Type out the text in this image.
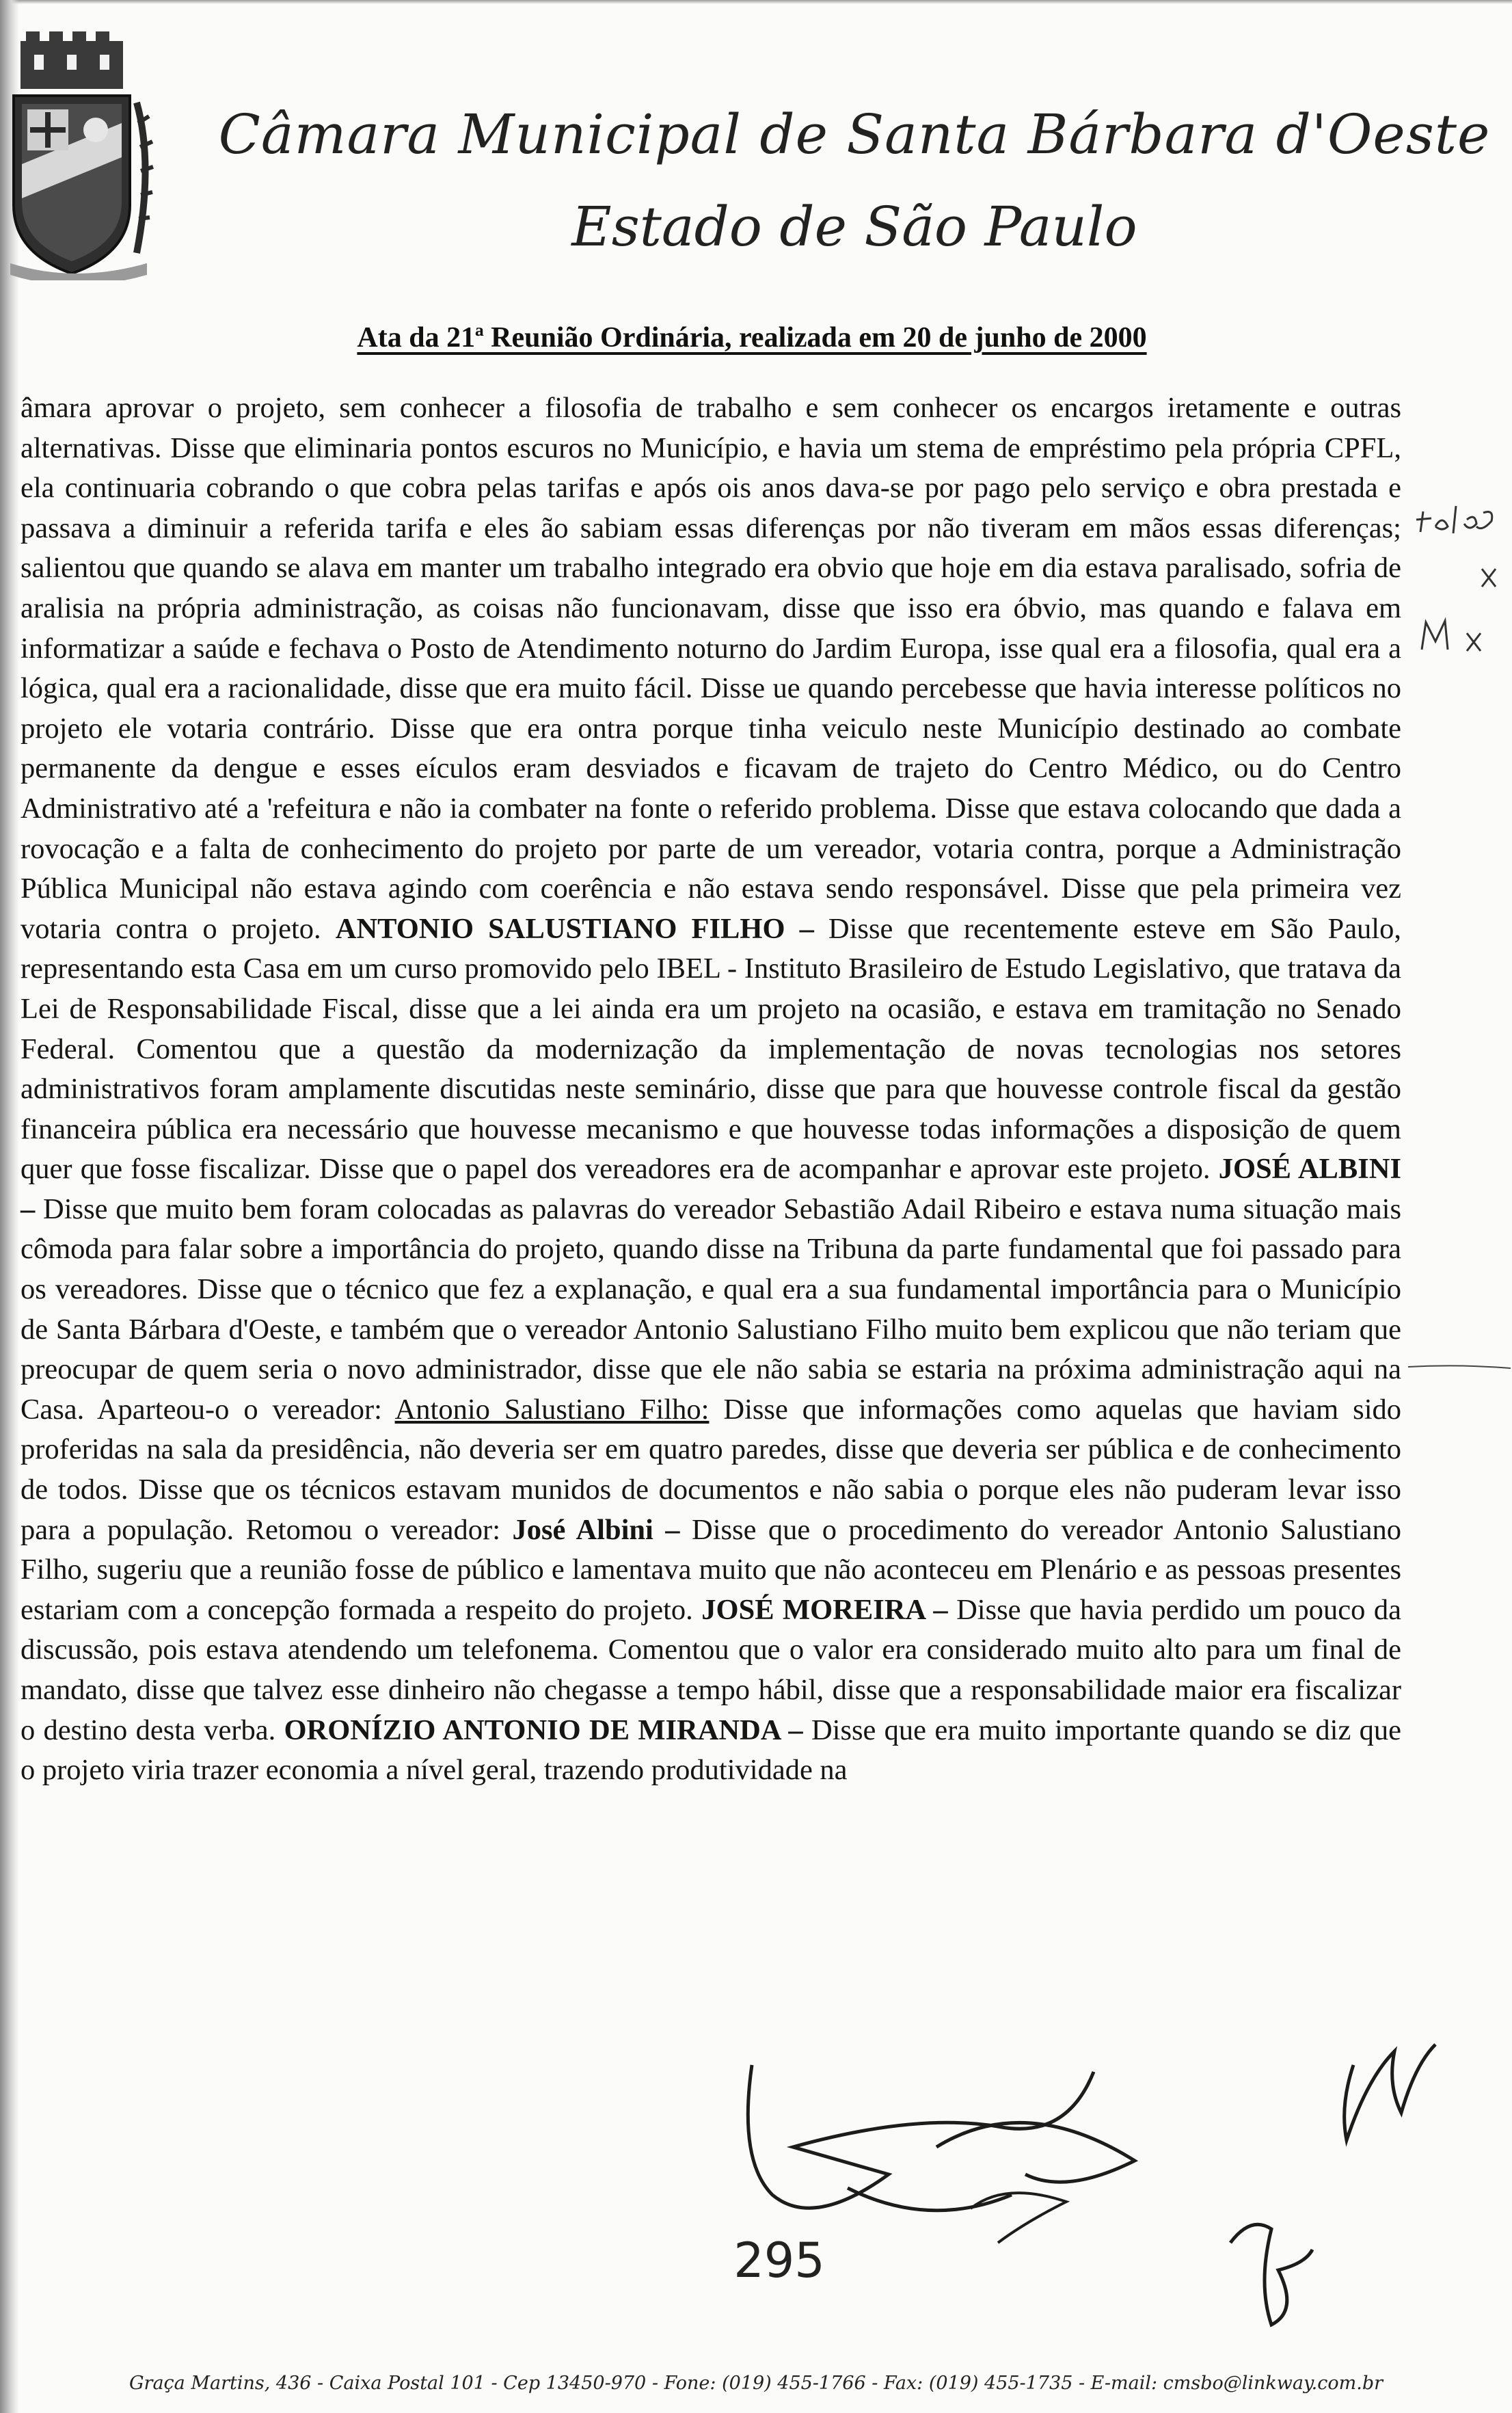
Câmara Municipal de Santa Bárbara d'Oeste
Estado de São Paulo
Ata da 21ª Reunião Ordinária, realizada em 20 de junho de 2000
âmara aprovar o projeto, sem conhecer a filosofia de trabalho e sem conhecer os encargos iretamente e outras alternativas. Disse que eliminaria pontos escuros no Município, e havia um stema de empréstimo pela própria CPFL, ela continuaria cobrando o que cobra pelas tarifas e após ois anos dava-se por pago pelo serviço e obra prestada e passava a diminuir a referida tarifa e eles ão sabiam essas diferenças por não tiveram em mãos essas diferenças; salientou que quando se alava em manter um trabalho integrado era obvio que hoje em dia estava paralisado, sofria de aralisia na própria administração, as coisas não funcionavam, disse que isso era óbvio, mas quando e falava em informatizar a saúde e fechava o Posto de Atendimento noturno do Jardim Europa, isse qual era a filosofia, qual era a lógica, qual era a racionalidade, disse que era muito fácil. Disse ue quando percebesse que havia interesse políticos no projeto ele votaria contrário. Disse que era ontra porque tinha veiculo neste Município destinado ao combate permanente da dengue e esses eículos eram desviados e ficavam de trajeto do Centro Médico, ou do Centro Administrativo até a 'refeitura e não ia combater na fonte o referido problema. Disse que estava colocando que dada a rovocação e a falta de conhecimento do projeto por parte de um vereador, votaria contra, porque a Administração Pública Municipal não estava agindo com coerência e não estava sendo responsável. Disse que pela primeira vez votaria contra o projeto. ANTONIO SALUSTIANO FILHO – Disse que recentemente esteve em São Paulo, representando esta Casa em um curso promovido pelo IBEL - Instituto Brasileiro de Estudo Legislativo, que tratava da Lei de Responsabilidade Fiscal, disse que a lei ainda era um projeto na ocasião, e estava em tramitação no Senado Federal. Comentou que a questão da modernização da implementação de novas tecnologias nos setores administrativos foram amplamente discutidas neste seminário, disse que para que houvesse controle fiscal da gestão financeira pública era necessário que houvesse mecanismo e que houvesse todas informações a disposição de quem quer que fosse fiscalizar. Disse que o papel dos vereadores era de acompanhar e aprovar este projeto. JOSÉ ALBINI – Disse que muito bem foram colocadas as palavras do vereador Sebastião Adail Ribeiro e estava numa situação mais cômoda para falar sobre a importância do projeto, quando disse na Tribuna da parte fundamental que foi passado para os vereadores. Disse que o técnico que fez a explanação, e qual era a sua fundamental importância para o Município de Santa Bárbara d'Oeste, e também que o vereador Antonio Salustiano Filho muito bem explicou que não teriam que preocupar de quem seria o novo administrador, disse que ele não sabia se estaria na próxima administração aqui na Casa. Aparteou-o o vereador: Antonio Salustiano Filho: Disse que informações como aquelas que haviam sido proferidas na sala da presidência, não deveria ser em quatro paredes, disse que deveria ser pública e de conhecimento de todos. Disse que os técnicos estavam munidos de documentos e não sabia o porque eles não puderam levar isso para a população. Retomou o vereador: José Albini – Disse que o procedimento do vereador Antonio Salustiano Filho, sugeriu que a reunião fosse de público e lamentava muito que não aconteceu em Plenário e as pessoas presentes estariam com a concepção formada a respeito do projeto. JOSÉ MOREIRA – Disse que havia perdido um pouco da discussão, pois estava atendendo um telefonema. Comentou que o valor era considerado muito alto para um final de mandato, disse que talvez esse dinheiro não chegasse a tempo hábil, disse que a responsabilidade maior era fiscalizar o destino desta verba. ORONÍZIO ANTONIO DE MIRANDA – Disse que era muito importante quando se diz que o projeto viria trazer economia a nível geral, trazendo produtividade na
295
Graça Martins, 436 - Caixa Postal 101 - Cep 13450-970 - Fone: (019) 455-1766 - Fax: (019) 455-1735 - E-mail: cmsbo@linkway.com.br
